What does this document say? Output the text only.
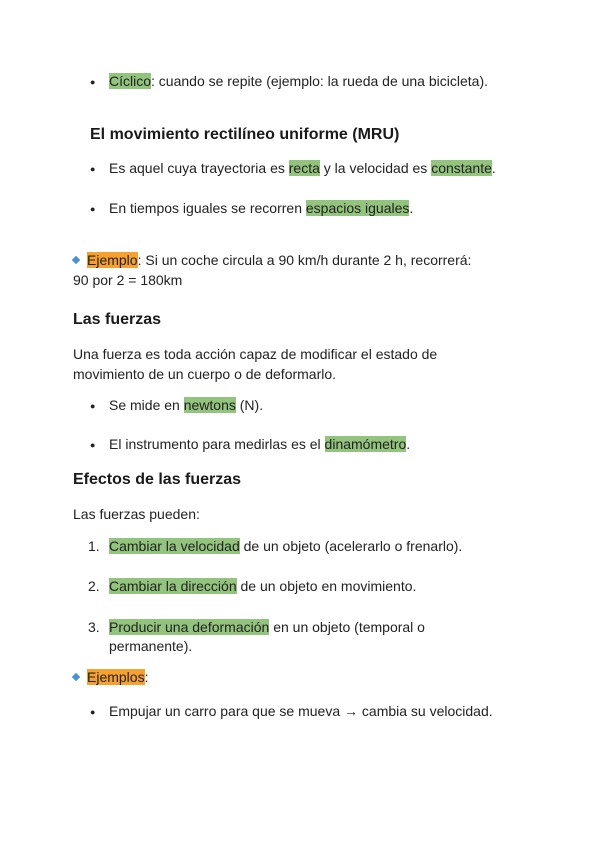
●
Cíclico: cuando se repite (ejemplo: la rueda de una bicicleta).
El movimiento rectilíneo uniforme (MRU)
●
Es aquel cuya trayectoria es recta y la velocidad es constante.
●
En tiempos iguales se recorren espacios iguales.
Ejemplo: Si un coche circula a 90 km/h durante 2 h, recorrerá:
90 por 2 = 180km
Las fuerzas
Una fuerza es toda acción capaz de modificar el estado de
movimiento de un cuerpo o de deformarlo.
●
Se mide en newtons (N).
●
El instrumento para medirlas es el dinamómetro.
Efectos de las fuerzas
Las fuerzas pueden:
1. Cambiar la velocidad de un objeto (acelerarlo o frenarlo).
2. Cambiar la dirección de un objeto en movimiento.
3. Producir una deformación en un objeto (temporal o
permanente).
Ejemplos:
●
Empujar un carro para que se mueva → cambia su velocidad.
